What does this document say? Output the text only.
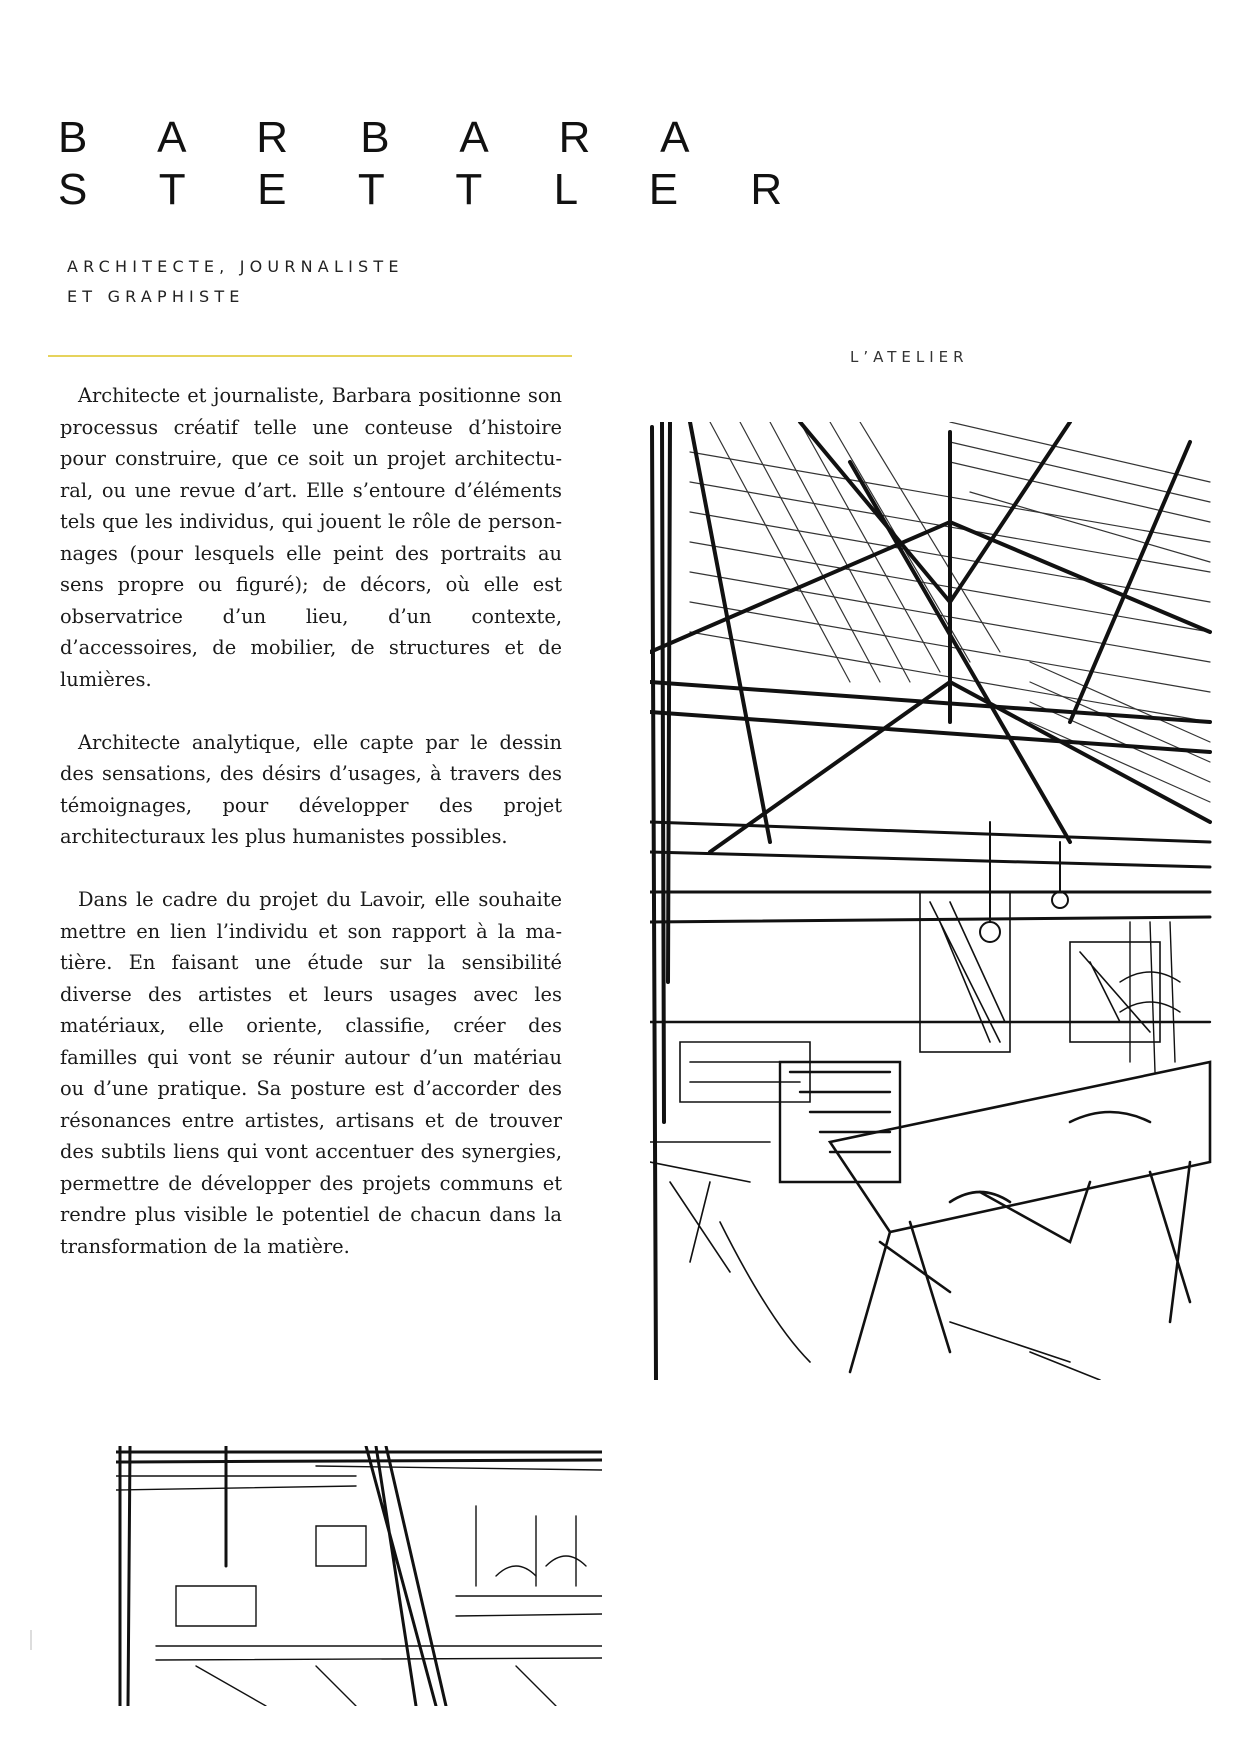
B A R B A R A
S T E T T L E R
ARCHITECTE, JOURNALISTE
ET GRAPHISTE
L’ATELIER

Architecte et journaliste, Barbara positionne son processus créatif telle une conteuse d’histoire pour construire, que ce soit un projet architectural, ou une revue d’art. Elle s’entoure d’éléments tels que les individus, qui jouent le rôle de personnages (pour lesquels elle peint des portraits au sens propre ou figuré); de décors, où elle est observatrice d’un lieu, d’un contexte, d’accessoires, de mobilier, de structures et de lumières.

Architecte analytique, elle capte par le dessin des sensations, des désirs d’usages, à travers des témoignages, pour développer des projet architecturaux les plus humanistes possibles.

Dans le cadre du projet du Lavoir, elle souhaite mettre en lien l’individu et son rapport à la matière. En faisant une étude sur la sensibilité diverse des artistes et leurs usages avec les matériaux, elle oriente, classifie, créer des familles qui vont se réunir autour d’un matériau ou d’une pratique. Sa posture est d’accorder des résonances entre artistes, artisans et de trouver des subtils liens qui vont accentuer des synergies, permettre de développer des projets communs et rendre plus visible le potentiel de chacun dans la transformation de la matière.
